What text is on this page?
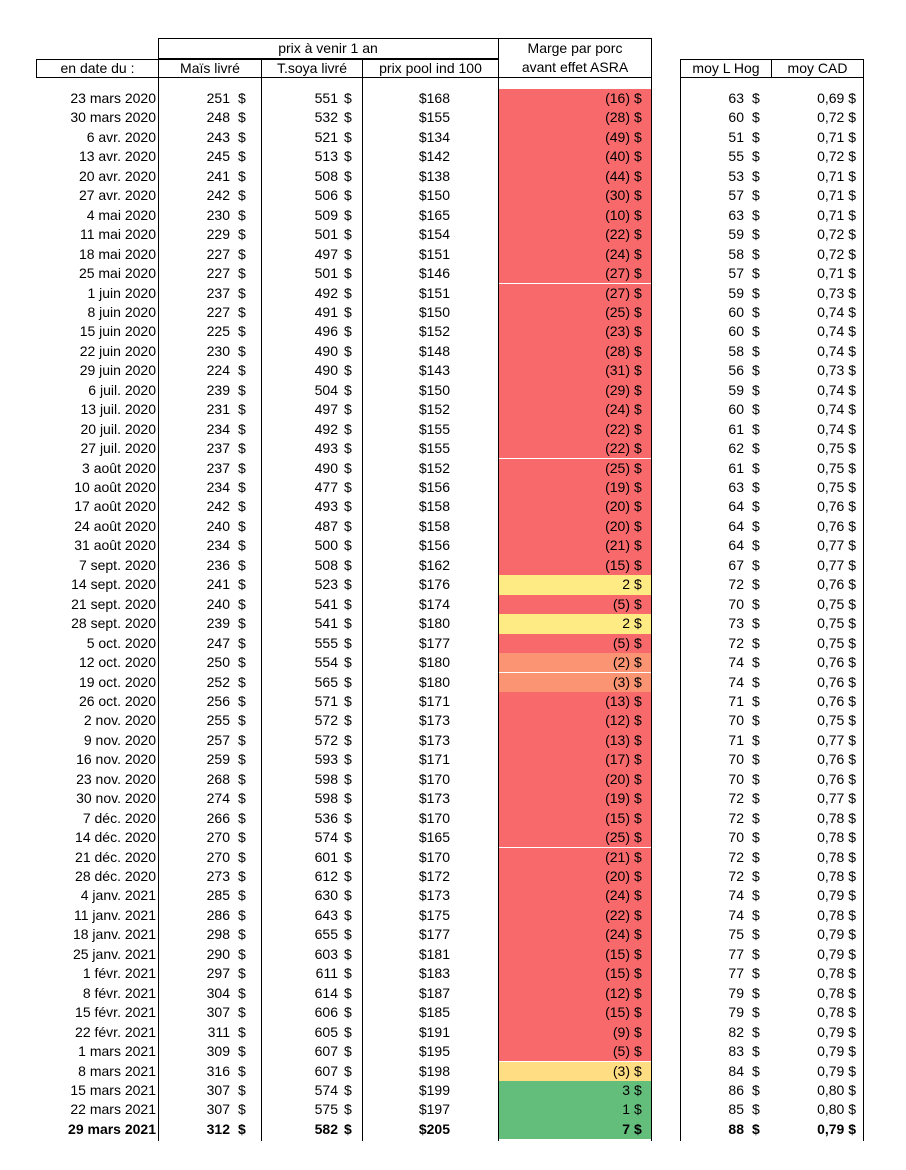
prix à venir 1 an	Marge par porc
en date du :	Maïs livré	T.soya livré	prix pool ind 100	avant effet ASRA	moy L Hog	moy CAD
23 mars 2020	251 $	551 $	$168	(16) $	63 $	0,69 $
30 mars 2020	248 $	532 $	$155	(28) $	60 $	0,72 $
6 avr. 2020	243 $	521 $	$134	(49) $	51 $	0,71 $
13 avr. 2020	245 $	513 $	$142	(40) $	55 $	0,72 $
20 avr. 2020	241 $	508 $	$138	(44) $	53 $	0,71 $
27 avr. 2020	242 $	506 $	$150	(30) $	57 $	0,71 $
4 mai 2020	230 $	509 $	$165	(10) $	63 $	0,71 $
11 mai 2020	229 $	501 $	$154	(22) $	59 $	0,72 $
18 mai 2020	227 $	497 $	$151	(24) $	58 $	0,72 $
25 mai 2020	227 $	501 $	$146	(27) $	57 $	0,71 $
1 juin 2020	237 $	492 $	$151	(27) $	59 $	0,73 $
8 juin 2020	227 $	491 $	$150	(25) $	60 $	0,74 $
15 juin 2020	225 $	496 $	$152	(23) $	60 $	0,74 $
22 juin 2020	230 $	490 $	$148	(28) $	58 $	0,74 $
29 juin 2020	224 $	490 $	$143	(31) $	56 $	0,73 $
6 juil. 2020	239 $	504 $	$150	(29) $	59 $	0,74 $
13 juil. 2020	231 $	497 $	$152	(24) $	60 $	0,74 $
20 juil. 2020	234 $	492 $	$155	(22) $	61 $	0,74 $
27 juil. 2020	237 $	493 $	$155	(22) $	62 $	0,75 $
3 août 2020	237 $	490 $	$152	(25) $	61 $	0,75 $
10 août 2020	234 $	477 $	$156	(19) $	63 $	0,75 $
17 août 2020	242 $	493 $	$158	(20) $	64 $	0,76 $
24 août 2020	240 $	487 $	$158	(20) $	64 $	0,76 $
31 août 2020	234 $	500 $	$156	(21) $	64 $	0,77 $
7 sept. 2020	236 $	508 $	$162	(15) $	67 $	0,77 $
14 sept. 2020	241 $	523 $	$176	2 $	72 $	0,76 $
21 sept. 2020	240 $	541 $	$174	(5) $	70 $	0,75 $
28 sept. 2020	239 $	541 $	$180	2 $	73 $	0,75 $
5 oct. 2020	247 $	555 $	$177	(5) $	72 $	0,75 $
12 oct. 2020	250 $	554 $	$180	(2) $	74 $	0,76 $
19 oct. 2020	252 $	565 $	$180	(3) $	74 $	0,76 $
26 oct. 2020	256 $	571 $	$171	(13) $	71 $	0,76 $
2 nov. 2020	255 $	572 $	$173	(12) $	70 $	0,75 $
9 nov. 2020	257 $	572 $	$173	(13) $	71 $	0,77 $
16 nov. 2020	259 $	593 $	$171	(17) $	70 $	0,76 $
23 nov. 2020	268 $	598 $	$170	(20) $	70 $	0,76 $
30 nov. 2020	274 $	598 $	$173	(19) $	72 $	0,77 $
7 déc. 2020	266 $	536 $	$170	(15) $	72 $	0,78 $
14 déc. 2020	270 $	574 $	$165	(25) $	70 $	0,78 $
21 déc. 2020	270 $	601 $	$170	(21) $	72 $	0,78 $
28 déc. 2020	273 $	612 $	$172	(20) $	72 $	0,78 $
4 janv. 2021	285 $	630 $	$173	(24) $	74 $	0,79 $
11 janv. 2021	286 $	643 $	$175	(22) $	74 $	0,78 $
18 janv. 2021	298 $	655 $	$177	(24) $	75 $	0,79 $
25 janv. 2021	290 $	603 $	$181	(15) $	77 $	0,79 $
1 févr. 2021	297 $	611 $	$183	(15) $	77 $	0,78 $
8 févr. 2021	304 $	614 $	$187	(12) $	79 $	0,78 $
15 févr. 2021	307 $	606 $	$185	(15) $	79 $	0,78 $
22 févr. 2021	311 $	605 $	$191	(9) $	82 $	0,79 $
1 mars 2021	309 $	607 $	$195	(5) $	83 $	0,79 $
8 mars 2021	316 $	607 $	$198	(3) $	84 $	0,79 $
15 mars 2021	307 $	574 $	$199	3 $	86 $	0,80 $
22 mars 2021	307 $	575 $	$197	1 $	85 $	0,80 $
29 mars 2021	312 $	582 $	$205	7 $	88 $	0,79 $
